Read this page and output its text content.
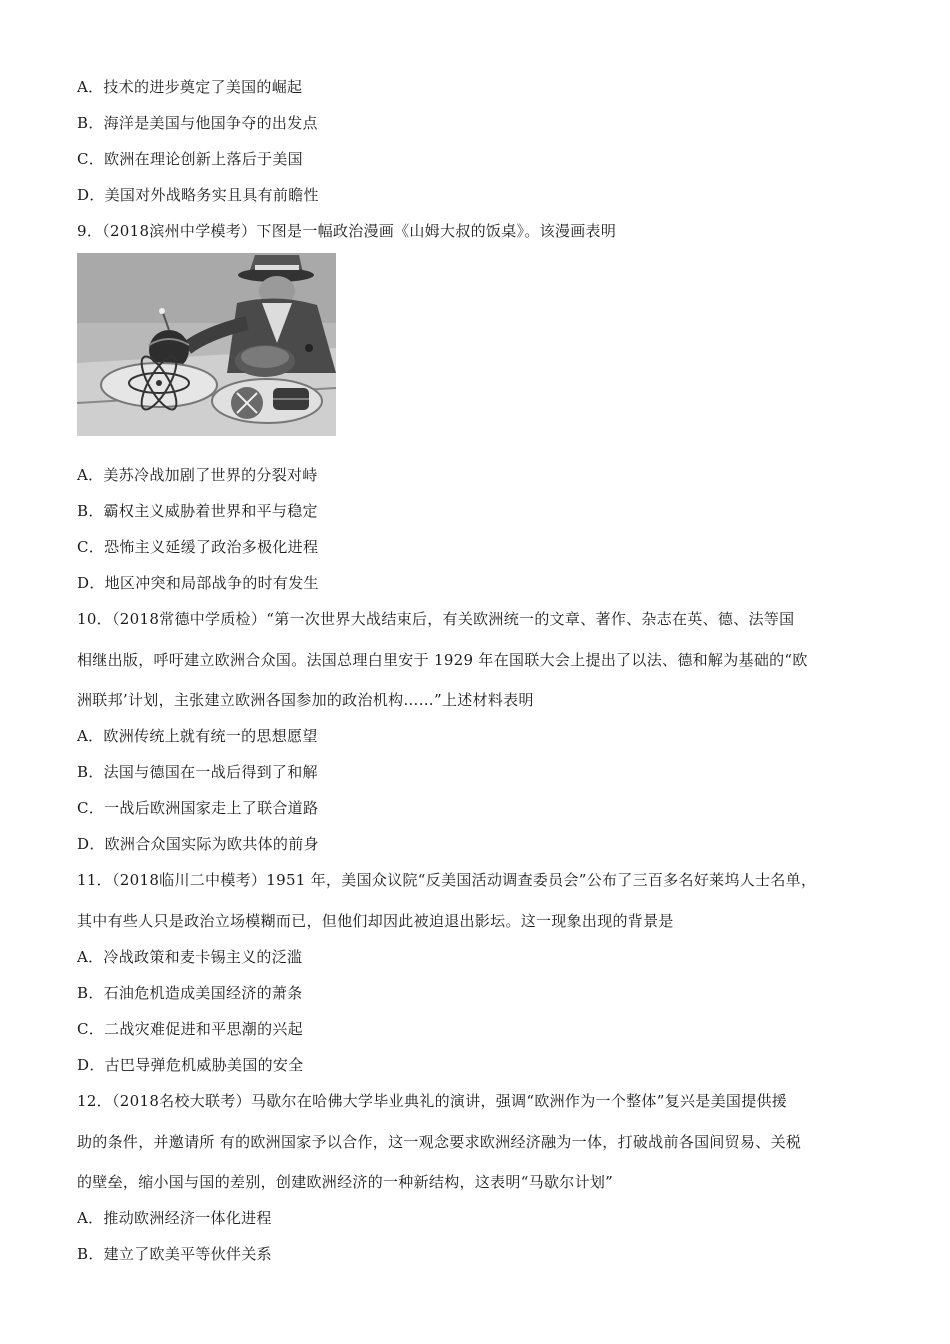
A．技术的进步奠定了美国的崛起
B．海洋是美国与他国争夺的出发点
C．欧洲在理论创新上落后于美国
D．美国对外战略务实且具有前瞻性
9．（2018滨州中学模考）下图是一幅政治漫画《山姆大叔的饭桌》。该漫画表明
A．美苏冷战加剧了世界的分裂对峙
B．霸权主义威胁着世界和平与稳定
C．恐怖主义延缓了政治多极化进程
D．地区冲突和局部战争的时有发生
10．（2018常德中学质检）“第一次世界大战结束后，有关欧洲统一的文章、著作、杂志在英、德、法等国
相继出版，呼吁建立欧洲合众国。法国总理白里安于 1929 年在国联大会上提出了以法、德和解为基础的“欧
洲联邦’计划，主张建立欧洲各国参加的政治机构……”上述材料表明
A．欧洲传统上就有统一的思想愿望
B．法国与德国在一战后得到了和解
C．一战后欧洲国家走上了联合道路
D．欧洲合众国实际为欧共体的前身
11．（2018临川二中模考）1951 年，美国众议院“反美国活动调查委员会”公布了三百多名好莱坞人士名单，
其中有些人只是政治立场模糊而已，但他们却因此被迫退出影坛。这一现象出现的背景是
A．冷战政策和麦卡锡主义的泛滥
B．石油危机造成美国经济的萧条
C．二战灾难促进和平思潮的兴起
D．古巴导弹危机威胁美国的安全
12．（2018名校大联考）马歇尔在哈佛大学毕业典礼的演讲，强调“欧洲作为一个整体”复兴是美国提供援
助的条件，并邀请所 有的欧洲国家予以合作，这一观念要求欧洲经济融为一体，打破战前各国间贸易、关税
的壁垒，缩小国与国的差别，创建欧洲经济的一种新结构，这表明“马歇尔计划”
A．推动欧洲经济一体化进程
B．建立了欧美平等伙伴关系
